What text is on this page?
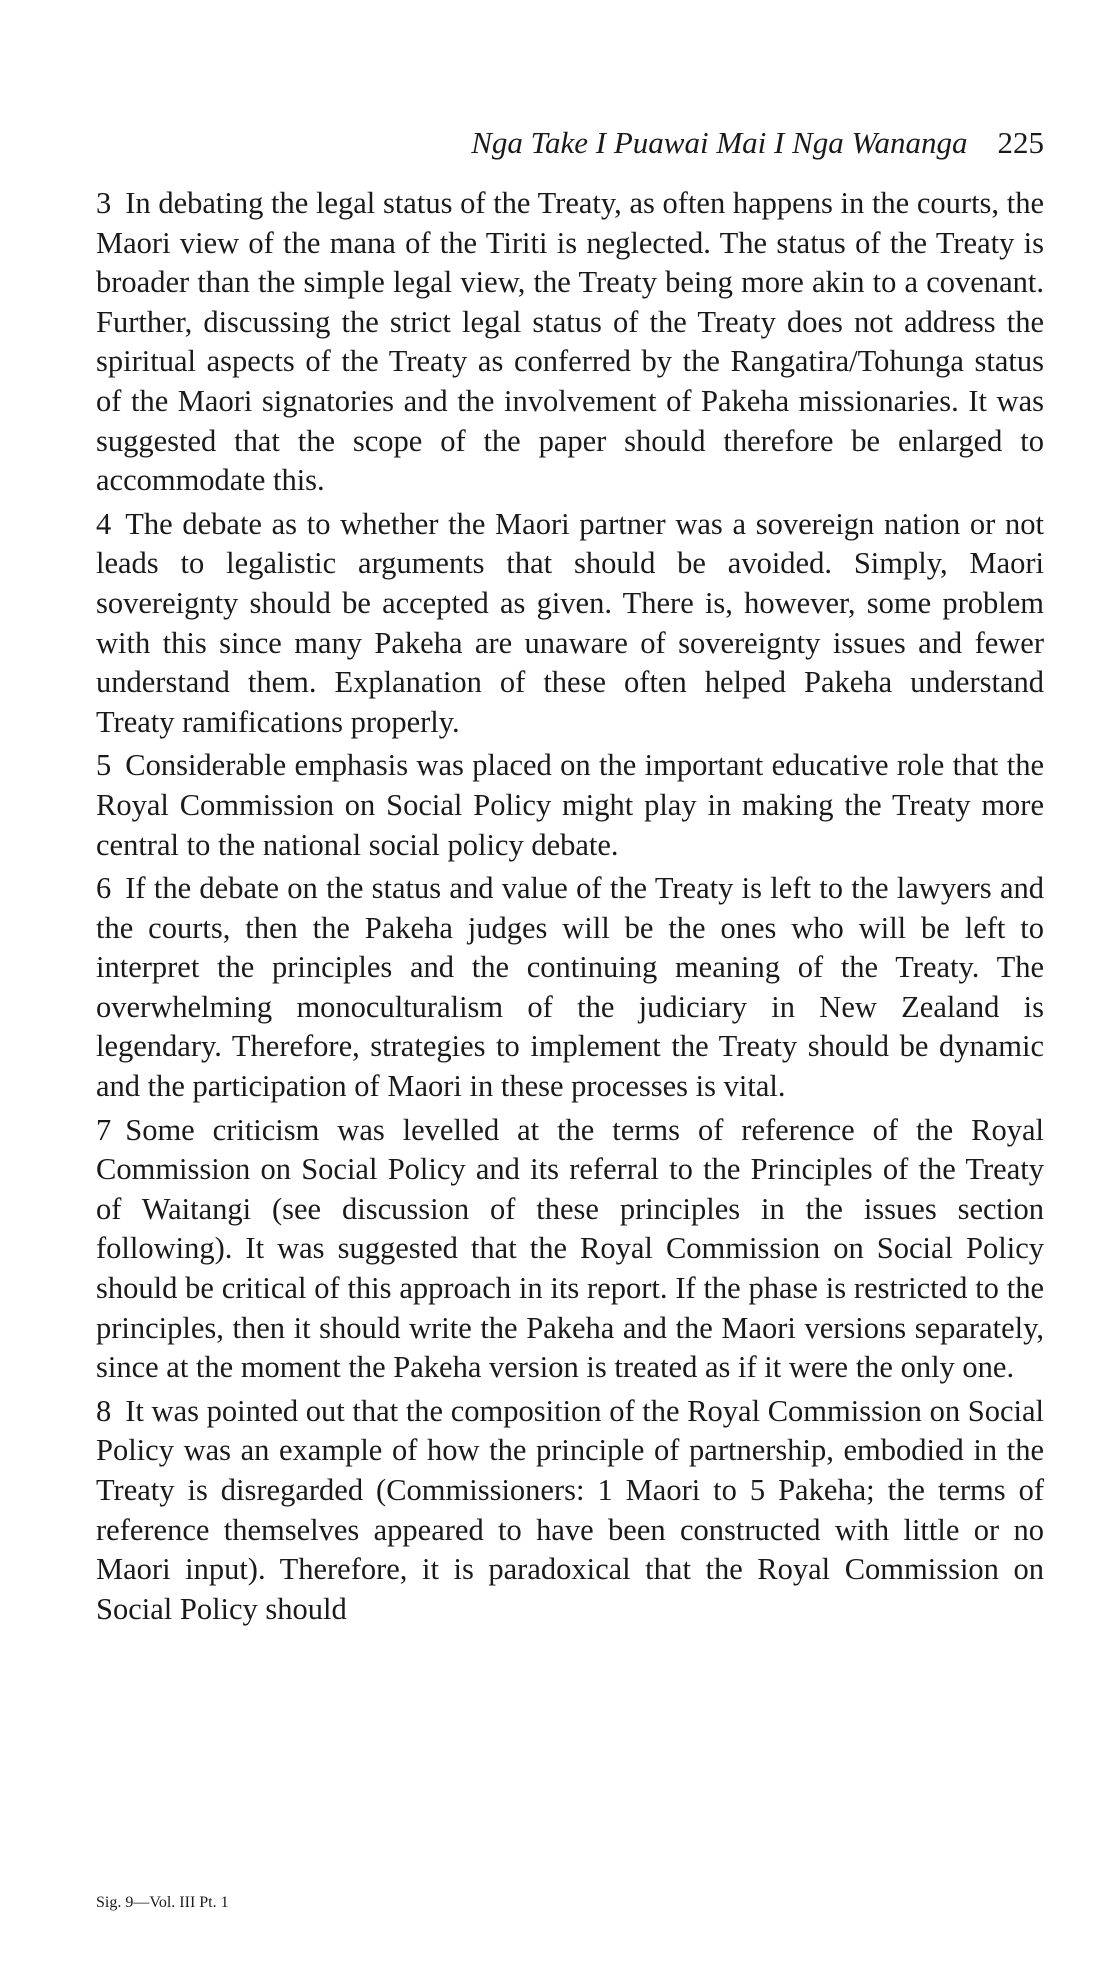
Nga Take I Puawai Mai I Nga Wananga 225

3 In debating the legal status of the Treaty, as often happens in the courts, the Maori view of the mana of the Tiriti is neglected. The status of the Treaty is broader than the simple legal view, the Treaty being more akin to a covenant. Further, discussing the strict legal status of the Treaty does not address the spiritual aspects of the Treaty as conferred by the Rangatira/Tohunga status of the Maori signatories and the involvement of Pakeha missionaries. It was suggested that the scope of the paper should therefore be enlarged to accommodate this.

4 The debate as to whether the Maori partner was a sovereign nation or not leads to legalistic arguments that should be avoided. Simply, Maori sovereignty should be accepted as given. There is, however, some problem with this since many Pakeha are unaware of sovereignty issues and fewer understand them. Explanation of these often helped Pakeha understand Treaty ramifications properly.

5 Considerable emphasis was placed on the important educative role that the Royal Commission on Social Policy might play in making the Treaty more central to the national social policy debate.

6 If the debate on the status and value of the Treaty is left to the lawyers and the courts, then the Pakeha judges will be the ones who will be left to interpret the principles and the continuing meaning of the Treaty. The overwhelming monoculturalism of the judiciary in New Zealand is legendary. Therefore, strategies to implement the Treaty should be dynamic and the participation of Maori in these processes is vital.

7 Some criticism was levelled at the terms of reference of the Royal Commission on Social Policy and its referral to the Principles of the Treaty of Waitangi (see discussion of these principles in the issues section following). It was suggested that the Royal Commission on Social Policy should be critical of this approach in its report. If the phase is restricted to the principles, then it should write the Pakeha and the Maori versions separately, since at the moment the Pakeha version is treated as if it were the only one.

8 It was pointed out that the composition of the Royal Commission on Social Policy was an example of how the principle of partnership, embodied in the Treaty is disregarded (Commissioners: 1 Maori to 5 Pakeha; the terms of reference themselves appeared to have been constructed with little or no Maori input). Therefore, it is paradoxical that the Royal Commission on Social Policy should

Sig. 9—Vol. III Pt. 1
